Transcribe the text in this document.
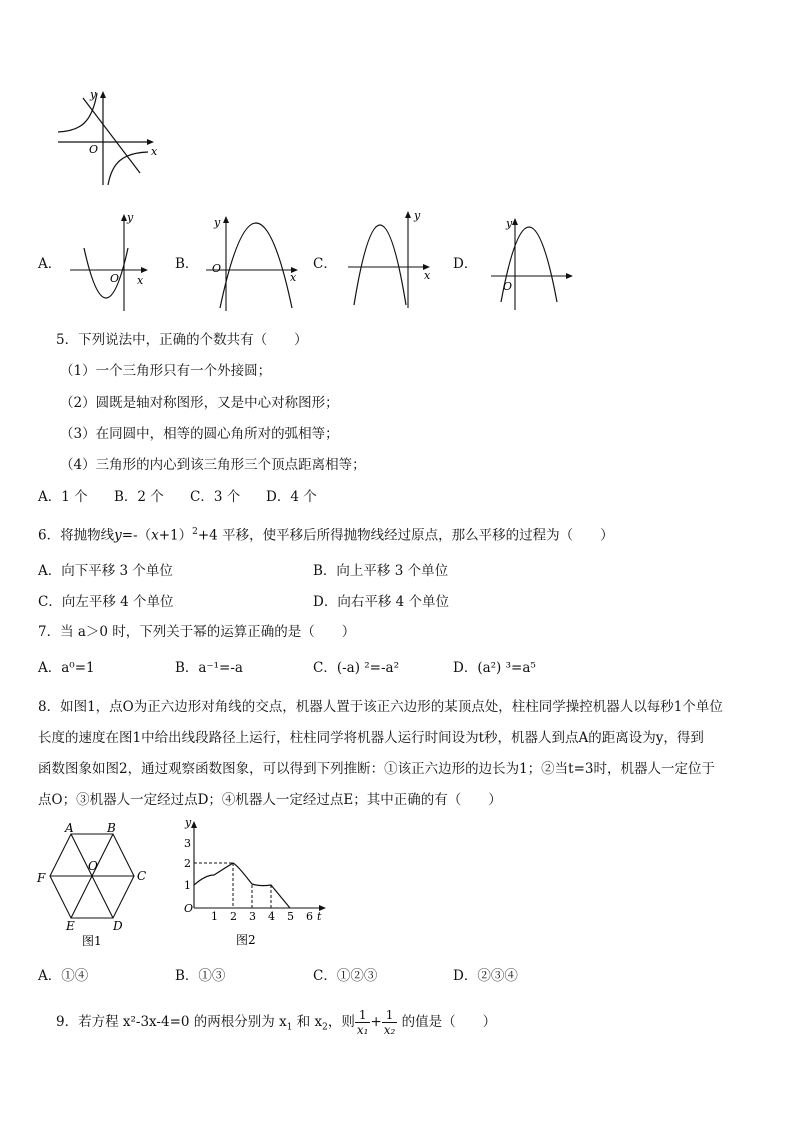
y
x
O
A．
y
x
O
B．
y
x
O	C．
y
x
D．
y
O
5．下列说法中，正确的个数共有（　　）
（1）一个三角形只有一个外接圆；
（2）圆既是轴对称图形，又是中心对称图形；
（3）在同圆中，相等的圆心角所对的弧相等；
（4）三角形的内心到该三角形三个顶点距离相等；
A．1 个 B．2 个 C．3 个 D．4 个
6．将抛物线$y=-(x+1)^2+4$ 平移，使平移后所得抛物线经过原点，那么平移的过程为（　　）
A．向下平移 3 个单位	B．向上平移 3 个单位
C．向左平移 4 个单位	D．向右平移 4 个单位
7．当 a＞0 时，下列关于幂的运算正确的是（　　）
A．a⁰=1	B．a⁻¹=-a	C．(-a) ²=-a²	D．(a²) ³=a⁵
8．如图1，点O为正六边形对角线的交点，机器人置于该正六边形的某顶点处，柱柱同学操控机器人以每秒1个单位
长度的速度在图1中给出线段路径上运行，柱柱同学将机器人运行时间设为t秒，机器人到点A的距离设为y，得到
函数图象如图2，通过观察函数图象，可以得到下列推断：①该正六边形的边长为1；②当t=3时，机器人一定位于
点O；③机器人一定经过点D；④机器人一定经过点E；其中正确的有（　　）
A	B
C
D
E
F
O
图1
O
y
1
2
3
1 2 3 4 5 6 t
图2
A．①④	B．①③	C．①②③	D．②③④
9．若方程 x²-3x-4=0 的两根分别为 $x_1$ 和 $x_2$，则 $\frac{1}{\text{x₁}} + \frac{1}{\text{x₂}}$ 的值是（　　）
